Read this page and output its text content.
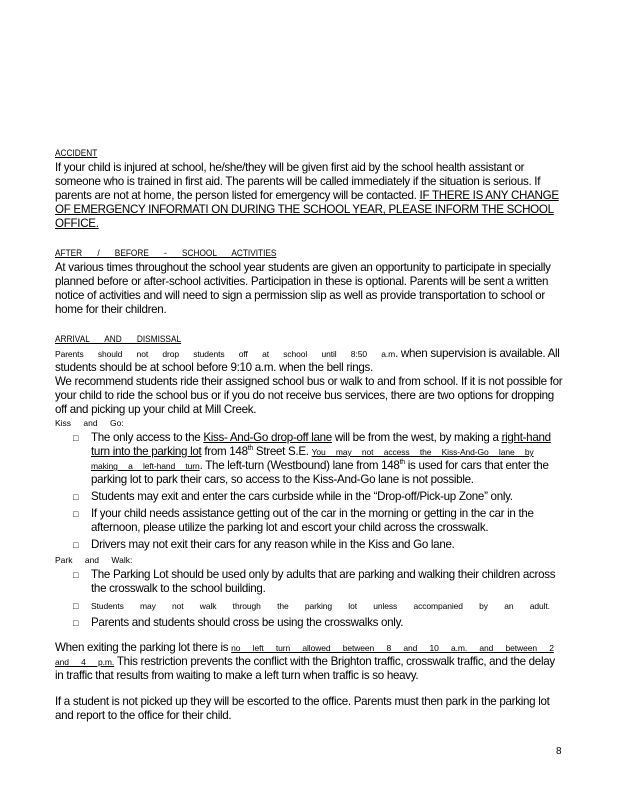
ACCIDENT

If your child is injured at school, he/she/they will be given first aid by the school health assistant or someone who is trained in first aid. The parents will be called immediately if the situation is serious. If parents are not at home, the person listed for emergency will be contacted. IF THERE IS ANY CHANGE OF EMERGENCY INFORMATI ON DURING THE SCHOOL YEAR, PLEASE INFORM THE SCHOOL OFFICE.

AFTER / BEFORE - SCHOOL ACTIVITIES

At various times throughout the school year students are given an opportunity to participate in specially planned before or after-school activities. Participation in these is optional. Parents will be sent a written notice of activities and will need to sign a permission slip as well as provide transportation to school or home for their children.

ARRIVAL AND DISMISSAL

Parents should not drop students off at school until 8:50 a.m. when supervision is available. All students should be at school before 9:10 a.m. when the bell rings.

We recommend students ride their assigned school bus or walk to and from school. If it is not possible for your child to ride the school bus or if you do not receive bus services, there are two options for dropping off and picking up your child at Mill Creek.

Kiss and Go:
□ The only access to the Kiss- And-Go drop-off lane will be from the west, by making a right-hand turn into the parking lot from 148th Street S.E. You may not access the Kiss-And-Go lane by making a left-hand turn. The left-turn (Westbound) lane from 148th is used for cars that enter the parking lot to park their cars, so access to the Kiss-And-Go lane is not possible.
□ Students may exit and enter the cars curbside while in the “Drop-off/Pick-up Zone” only.
□ If your child needs assistance getting out of the car in the morning or getting in the car in the afternoon, please utilize the parking lot and escort your child across the crosswalk.
□ Drivers may not exit their cars for any reason while in the Kiss and Go lane.
Park and Walk:
□ The Parking Lot should be used only by adults that are parking and walking their children across the crosswalk to the school building.
□ Students may not walk through the parking lot unless accompanied by an adult.
□ Parents and students should cross be using the crosswalks only.

When exiting the parking lot there is no left turn allowed between 8 and 10 a.m. and between 2 and 4 p.m. This restriction prevents the conflict with the Brighton traffic, crosswalk traffic, and the delay in traffic that results from waiting to make a left turn when traffic is so heavy.

If a student is not picked up they will be escorted to the office. Parents must then park in the parking lot and report to the office for their child.

8
